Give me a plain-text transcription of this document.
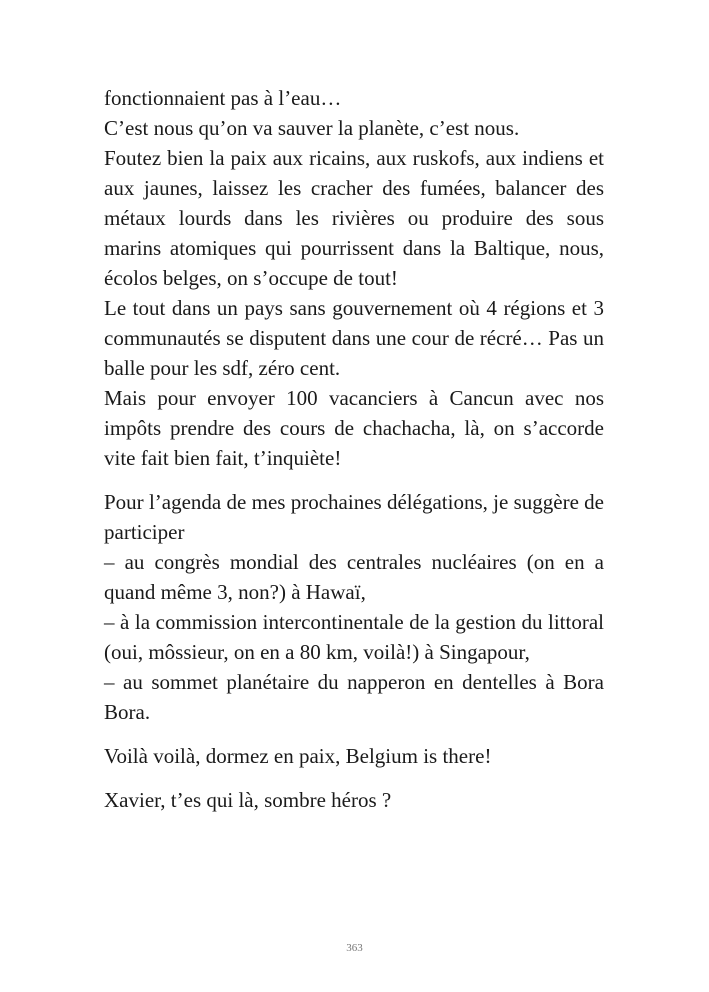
fonctionnaient pas à l’eau…

C’est nous qu’on va sauver la planète, c’est nous.

Foutez bien la paix aux ricains, aux ruskofs, aux indiens et aux jaunes, laissez les cracher des fumées, balancer des métaux lourds dans les rivières ou produire des sous marins atomiques qui pourrissent dans la Baltique, nous, écolos belges, on s’occupe de tout!

Le tout dans un pays sans gouvernement où 4 régions et 3 communautés se disputent dans une cour de récré… Pas un balle pour les sdf, zéro cent.

Mais pour envoyer 100 vacanciers à Cancun avec nos impôts prendre des cours de chachacha, là, on s’accorde vite fait bien fait, t’inquiète!

Pour l’agenda de mes prochaines délégations, je suggère de participer

– au congrès mondial des centrales nucléaires (on en a quand même 3, non?) à Hawaï,

– à la commission intercontinentale de la gestion du littoral (oui, môssieur, on en a 80 km, voilà!) à Singapour,

– au sommet planétaire du napperon en dentelles à Bora Bora.

Voilà voilà, dormez en paix, Belgium is there!

Xavier, t’es qui là, sombre héros ?

363
